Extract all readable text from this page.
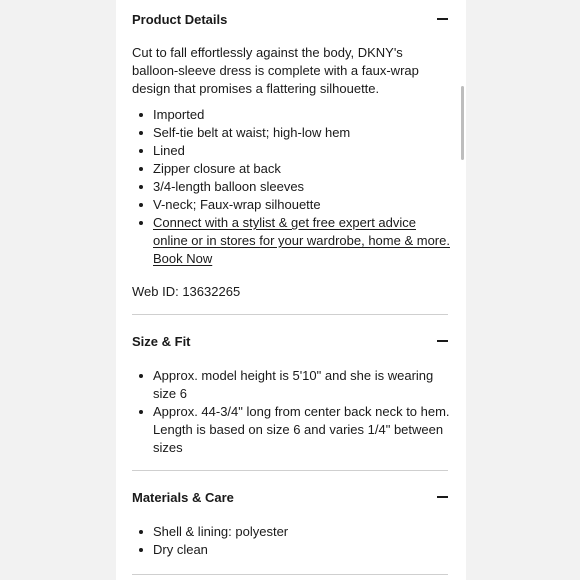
Product Details

Cut to fall effortlessly against the body, DKNY's balloon-sleeve dress is complete with a faux-wrap design that promises a flattering silhouette.

Imported
Self-tie belt at waist; high-low hem
Lined
Zipper closure at back
3/4-length balloon sleeves
V-neck; Faux-wrap silhouette
Connect with a stylist & get free expert advice online or in stores for your wardrobe, home & more. Book Now

Web ID: 13632265

Size & Fit
Approx. model height is 5'10" and she is wearing size 6
Approx. 44-3/4" long from center back neck to hem. Length is based on size 6 and varies 1/4" between sizes
Materials & Care
Shell & lining: polyester
Dry clean
